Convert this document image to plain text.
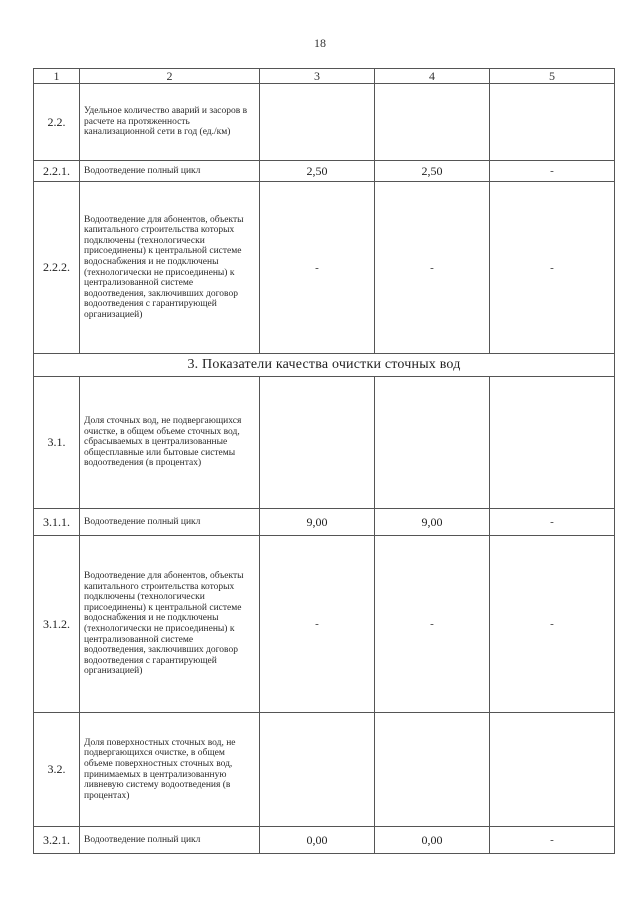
18
1	2	3	4	5
2.2.	Удельное количество аварий и засоров в расчете на протяженность канализационной сети в год (ед./км)			
2.2.1.	Водоотведение полный цикл	2,50	2,50	-
2.2.2.	Водоотведение для абонентов, объекты капитального строительства которых подключены (технологически присоединены) к центральной системе водоснабжения и не подключены (технологически не присоединены) к централизованной системе водоотведения, заключивших договор водоотведения с гарантирующей организацией)	-	-	-
3. Показатели качества очистки сточных вод				
3.1.	Доля сточных вод, не подвергающихся очистке, в общем объеме сточных вод, сбрасываемых в централизованные общесплавные или бытовые системы водоотведения (в процентах)			
3.1.1.	Водоотведение полный цикл	9,00	9,00	-
3.1.2.	Водоотведение для абонентов, объекты капитального строительства которых подключены (технологически присоединены) к центральной системе водоснабжения и не подключены (технологически не присоединены) к централизованной системе водоотведения, заключивших договор водоотведения с гарантирующей организацией)	-	-	-
3.2.	Доля поверхностных сточных вод, не подвергающихся очистке, в общем объеме поверхностных сточных вод, принимаемых в централизованную ливневую систему водоотведения (в процентах)			
3.2.1.	Водоотведение полный цикл	0,00	0,00	-
